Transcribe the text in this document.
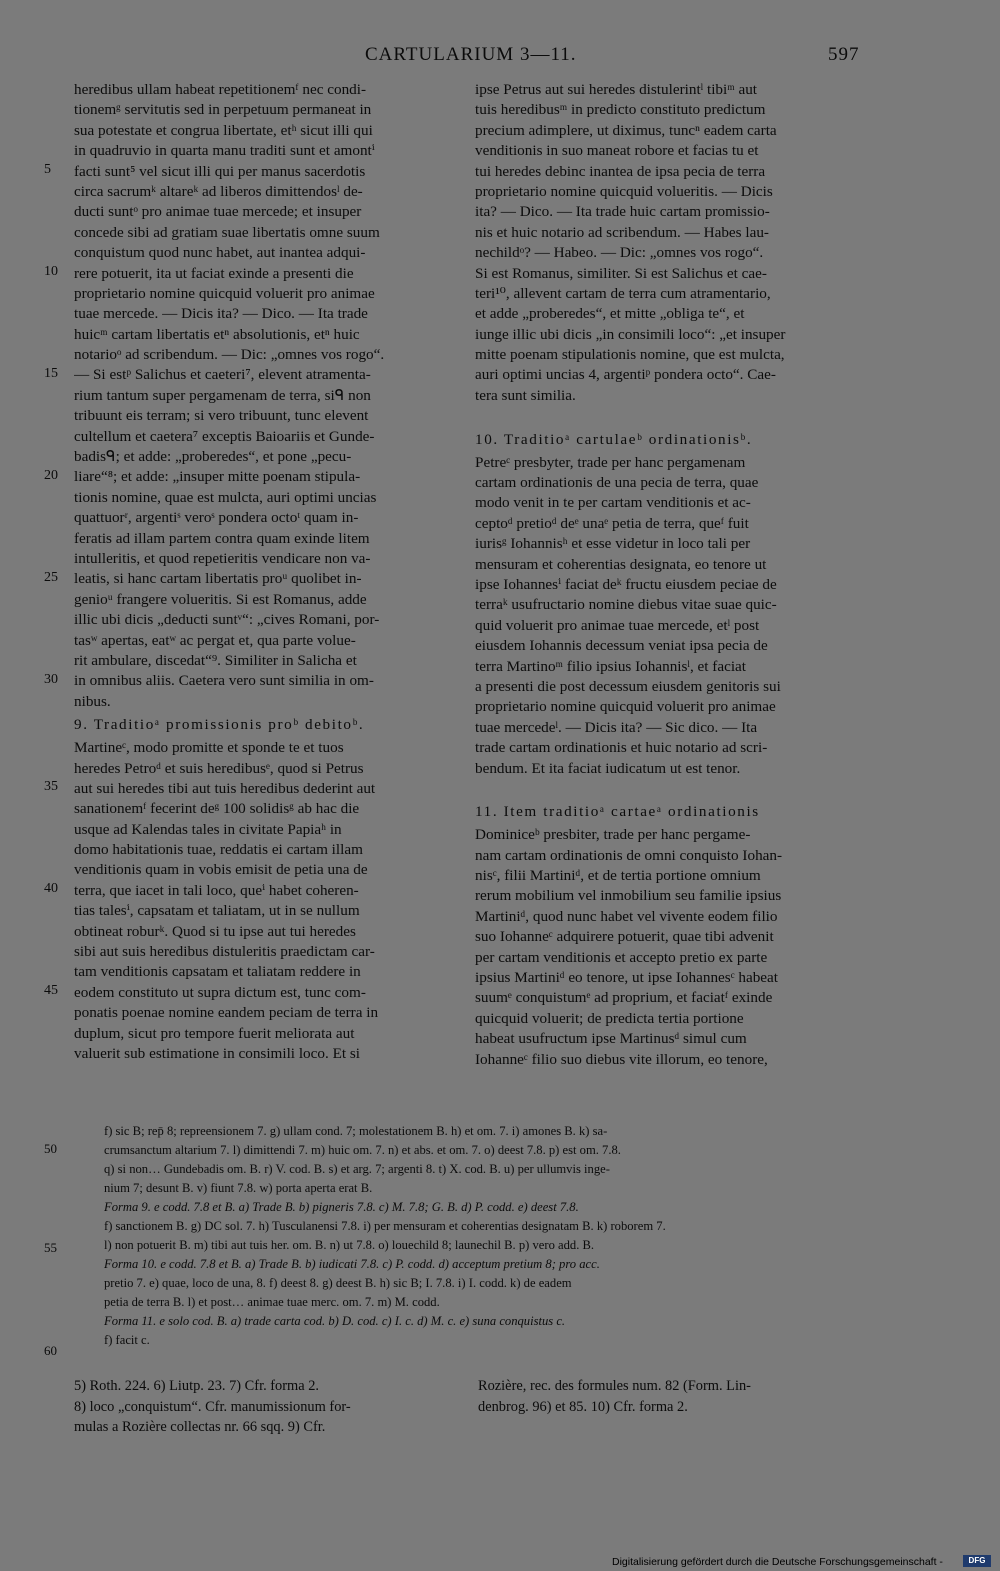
CARTULARIUM 3—11.	597
heredibus ullam habeat repetitionemᶠ nec condi-
tionemᵍ servitutis sed in perpetuum permaneat in
sua potestate et congrua libertate, etʰ sicut illi qui
in quadruvio in quarta manu traditi sunt et amontⁱ
facti sunt⁵ vel sicut illi qui per manus sacerdotis
circa sacrumᵏ altareᵏ ad liberos dimittendosˡ de-
ducti suntᵒ pro animae tuae mercede; et insuper
concede sibi ad gratiam suae libertatis omne suum
conquistum quod nunc habet, aut inantea adqui-
rere potuerit, ita ut faciat exinde a presenti die
proprietario nomine quicquid voluerit pro animae
tuae mercede. — Dicis ita? — Dico. — Ita trade
huicᵐ cartam libertatis etⁿ absolutionis, etⁿ huic
notarioᵒ ad scribendum. — Dic: „omnes vos rogo“.
— Si estᵖ Salichus et caeteri⁷, elevent atramenta-
rium tantum super pergamenam de terra, siᑫ non
tribuunt eis terram; si vero tribuunt, tunc elevent
cultellum et caetera⁷ exceptis Baioariis et Gunde-
badisᑫ; et adde: „proberedes“, et pone „pecu-
liare“⁸; et adde: „insuper mitte poenam stipula-
tionis nomine, quae est mulcta, auri optimi uncias
quattuorʳ, argentiˢ veroˢ pondera octoᵗ quam in-
feratis ad illam partem contra quam exinde litem
intulleritis, et quod repetieritis vendicare non va-
leatis, si hanc cartam libertatis proᵘ quolibet in-
genioᵘ frangere volueritis. Si est Romanus, adde
illic ubi dicis „deducti suntᵛ“: „cives Romani, por-
tasʷ apertas, eatʷ ac pergat et, qua parte volue-
rit ambulare, discedat“⁹. Similiter in Salicha et
in omnibus aliis. Caetera vero sunt similia in om-
nibus.
9. Traditioᵃ promissionis proᵇ debitoᵇ.
Martineᶜ, modo promitte et sponde te et tuos
heredes Petroᵈ et suis heredibusᵉ, quod si Petrus
aut sui heredes tibi aut tuis heredibus dederint aut
sanationemᶠ fecerint deᵍ 100 solidisᵍ ab hac die
usque ad Kalendas tales in civitate Papiaʰ in
domo habitationis tuae, reddatis ei cartam illam
venditionis quam in vobis emisit de petia una de
terra, que iacet in tali loco, queⁱ habet coheren-
tias talesⁱ, capsatam et taliatam, ut in se nullum
obtineat roburᵏ. Quod si tu ipse aut tui heredes
sibi aut suis heredibus distuleritis praedictam car-
tam venditionis capsatam et taliatam reddere in
eodem constituto ut supra dictum est, tunc com-
ponatis poenae nomine eandem peciam de terra in
duplum, sicut pro tempore fuerit meliorata aut
valuerit sub estimatione in consimili loco. Et si
ipse Petrus aut sui heredes distulerintˡ tibiᵐ aut
tuis heredibusᵐ in predicto constituto predictum
precium adimplere, ut diximus, tuncⁿ eadem carta
venditionis in suo maneat robore et facias tu et
tui heredes debinc inantea de ipsa pecia de terra
proprietario nomine quicquid volueritis. — Dicis
ita? — Dico. — Ita trade huic cartam promissio-
nis et huic notario ad scribendum. — Habes lau-
nechildᵒ? — Habeo. — Dic: „omnes vos rogo“.
Si est Romanus, similiter. Si est Salichus et cae-
teri¹⁰, allevent cartam de terra cum atramentario,
et adde „proberedes“, et mitte „obliga te“, et
iunge illic ubi dicis „in consimili loco“: „et insuper
mitte poenam stipulationis nomine, que est mulcta,
auri optimi uncias 4, argentiᵖ pondera octo“. Cae-
tera sunt similia.
10. Traditioᵃ cartulaeᵇ ordinationisᵇ.
Petreᶜ presbyter, trade per hanc pergamenam
cartam ordinationis de una pecia de terra, quae
modo venit in te per cartam venditionis et ac-
ceptoᵈ pretioᵈ deᵉ unaᵉ petia de terra, queᶠ fuit
iurisᵍ Iohannisʰ et esse videtur in loco tali per
mensuram et coherentias designata, eo tenore ut
ipse Iohannesⁱ faciat deᵏ fructu eiusdem peciae de
terraᵏ usufructario nomine diebus vitae suae quic-
quid voluerit pro animae tuae mercede, etˡ post
eiusdem Iohannis decessum veniat ipsa pecia de
terra Martinoᵐ filio ipsius Iohannisˡ, et faciat
a presenti die post decessum eiusdem genitoris sui
proprietario nomine quicquid voluerit pro animae
tuae mercedeˡ. — Dicis ita? — Sic dico. — Ita
trade cartam ordinationis et huic notario ad scri-
bendum. Et ita faciat iudicatum ut est tenor.
11. Item traditioᵃ cartaeᵃ ordinationis
Dominiceᵇ presbiter, trade per hanc pergame-
nam cartam ordinationis de omni conquisto Iohan-
nisᶜ, filii Martiniᵈ, et de tertia portione omnium
rerum mobilium vel inmobilium seu familie ipsius
Martiniᵈ, quod nunc habet vel vivente eodem filio
suo Iohanneᶜ adquirere potuerit, quae tibi advenit
per cartam venditionis et accepto pretio ex parte
ipsius Martiniᵈ eo tenore, ut ipse Iohannesᶜ habeat
suumᵉ conquistumᵉ ad proprium, et faciatᶠ exinde
quicquid voluerit; de predicta tertia portione
habeat usufructum ipse Martinusᵈ simul cum
Iohanneᶜ filio suo diebus vite illorum, eo tenore,
5
10
15
20
25
30
35
40
45
f) sic B; rep̄ 8; repreensionem 7. g) ullam cond. 7; molestationem B. h) et om. 7. i) amones B. k) sa-
crumsanctum altarium 7. l) dimittendi 7. m) huic om. 7. n) et abs. et om. 7. o) deest 7.8. p) est om. 7.8.
q) si non… Gundebadis om. B. r) V. cod. B. s) et arg. 7; argenti 8. t) X. cod. B. u) per ullumvis inge-
nium 7; desunt B. v) fiunt 7.8. w) porta aperta erat B.
Forma 9. e codd. 7.8 et B. a) Trade B. b) pigneris 7.8. c) M. 7.8; G. B. d) P. codd. e) deest 7.8.
f) sanctionem B. g) DC sol. 7. h) Tusculanensi 7.8. i) per mensuram et coherentias designatam B. k) roborem 7.
l) non potuerit B. m) tibi aut tuis her. om. B. n) ut 7.8. o) louechild 8; launechil B. p) vero add. B.
Forma 10. e codd. 7.8 et B. a) Trade B. b) iudicati 7.8. c) P. codd. d) acceptum pretium 8; pro acc.
pretio 7. e) quae, loco de una, 8. f) deest 8. g) deest B. h) sic B; I. 7.8. i) I. codd. k) de eadem
petia de terra B. l) et post… animae tuae merc. om. 7. m) M. codd.
Forma 11. e solo cod. B. a) trade carta cod. b) D. cod. c) I. c. d) M. c. e) suna conquistus c.
f) facit c.
50
55
60
5) Roth. 224. 6) Liutp. 23. 7) Cfr. forma 2.
8) loco „conquistum“. Cfr. manumissionum for-
mulas a Rozière collectas nr. 66 sqq. 9) Cfr.
Rozière, rec. des formules num. 82 (Form. Lin-
denbrog. 96) et 85. 10) Cfr. forma 2.
Digitalisierung gefördert durch die Deutsche Forschungsgemeinschaft -	DFG
